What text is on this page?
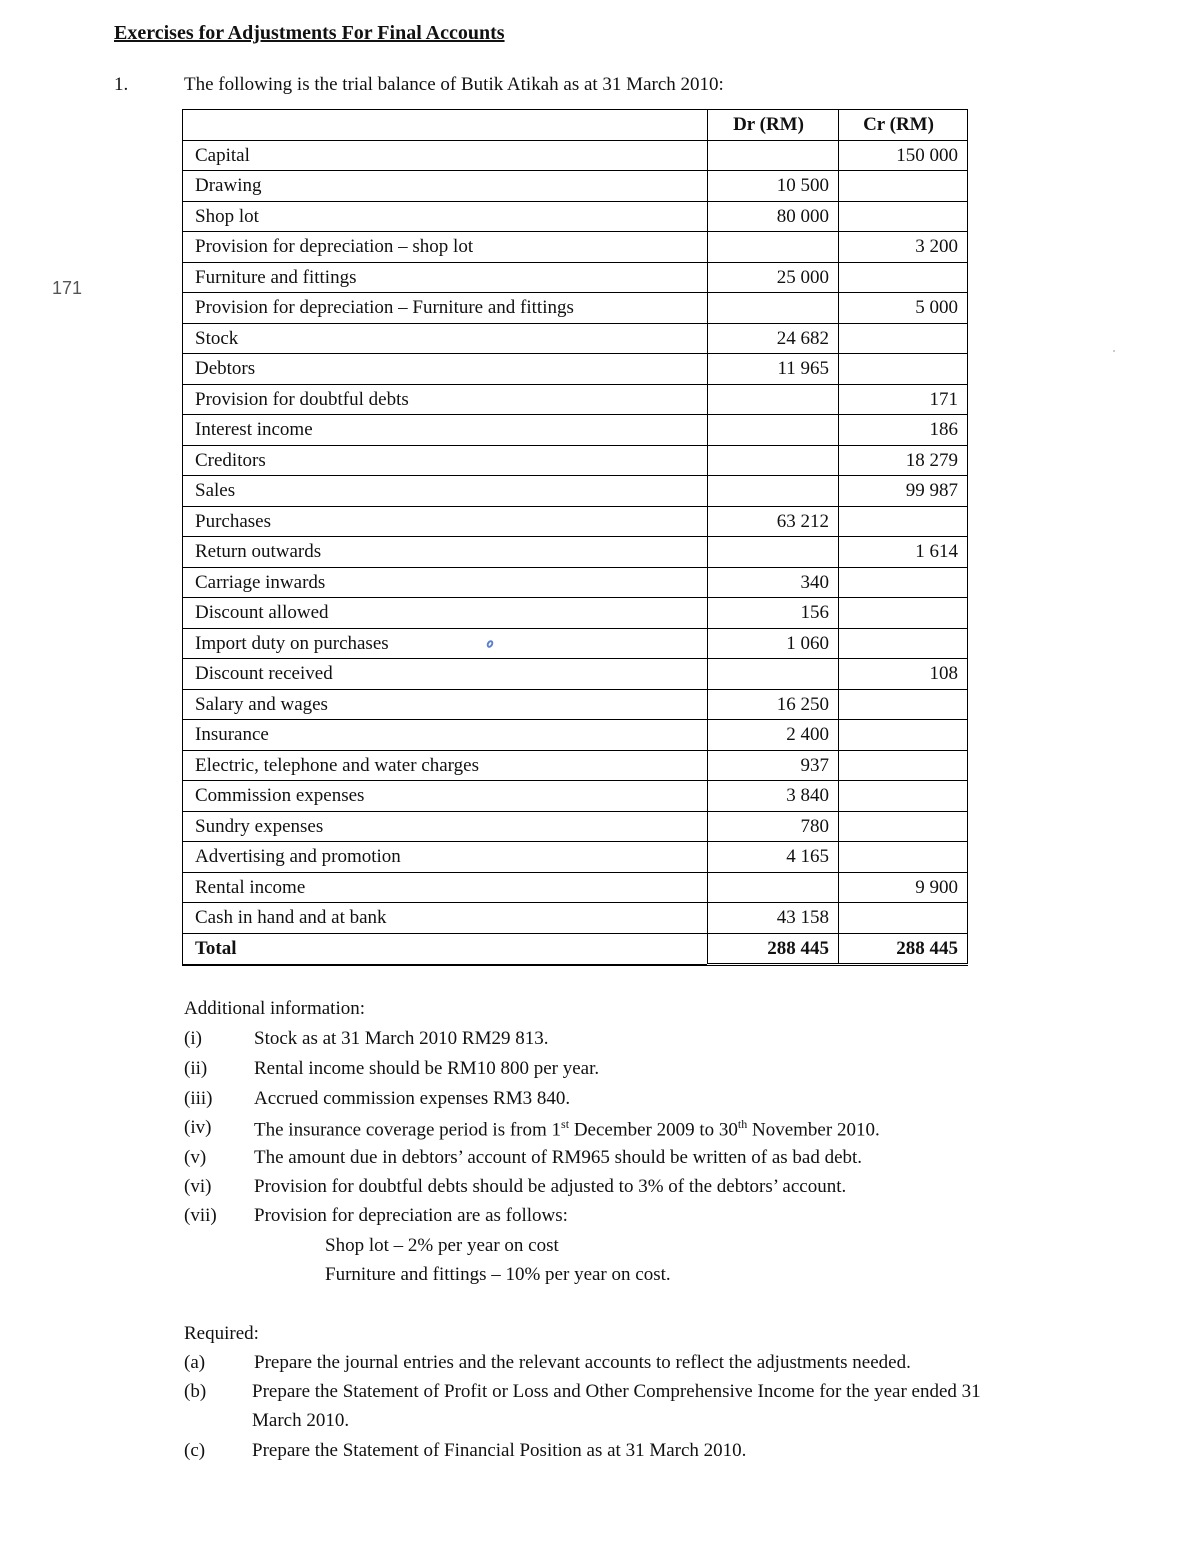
Exercises for Adjustments For Final Accounts
1.	The following is the trial balance of Butik Atikah as at 31 March 2010:
171
	Dr (RM)	Cr (RM)
Capital		150 000
Drawing	10 500	
Shop lot	80 000	
Provision for depreciation – shop lot		3 200
Furniture and fittings	25 000	
Provision for depreciation – Furniture and fittings		5 000
Stock	24 682	
Debtors	11 965	
Provision for doubtful debts		171
Interest income		186
Creditors		18 279
Sales		99 987
Purchases	63 212	
Return outwards		1 614
Carriage inwards	340	
Discount allowed	156	
Import duty on purchases	1 060	
Discount received		108
Salary and wages	16 250	
Insurance	2 400	
Electric, telephone and water charges	937	
Commission expenses	3 840	
Sundry expenses	780	
Advertising and promotion	4 165	
Rental income		9 900
Cash in hand and at bank	43 158	
Total	288 445	288 445
Additional information:
(i)	Stock as at 31 March 2010 RM29 813.
(ii) Rental income should be RM10 800 per year.
(iii) Accrued commission expenses RM3 840.
(iv) The insurance coverage period is from 1st December 2009 to 30th November 2010.
(v)	The amount due in debtors’ account of RM965 should be written of as bad debt.
(vi) Provision for doubtful debts should be adjusted to 3% of the debtors’ account.
(vii) Provision for depreciation are as follows:
Shop lot – 2% per year on cost
Furniture and fittings – 10% per year on cost.
Required:
(a)	Prepare the journal entries and the relevant accounts to reflect the adjustments needed.
(b) Prepare the Statement of Profit or Loss and Other Comprehensive Income for the year ended 31
March 2010.
(c) Prepare the Statement of Financial Position as at 31 March 2010.
